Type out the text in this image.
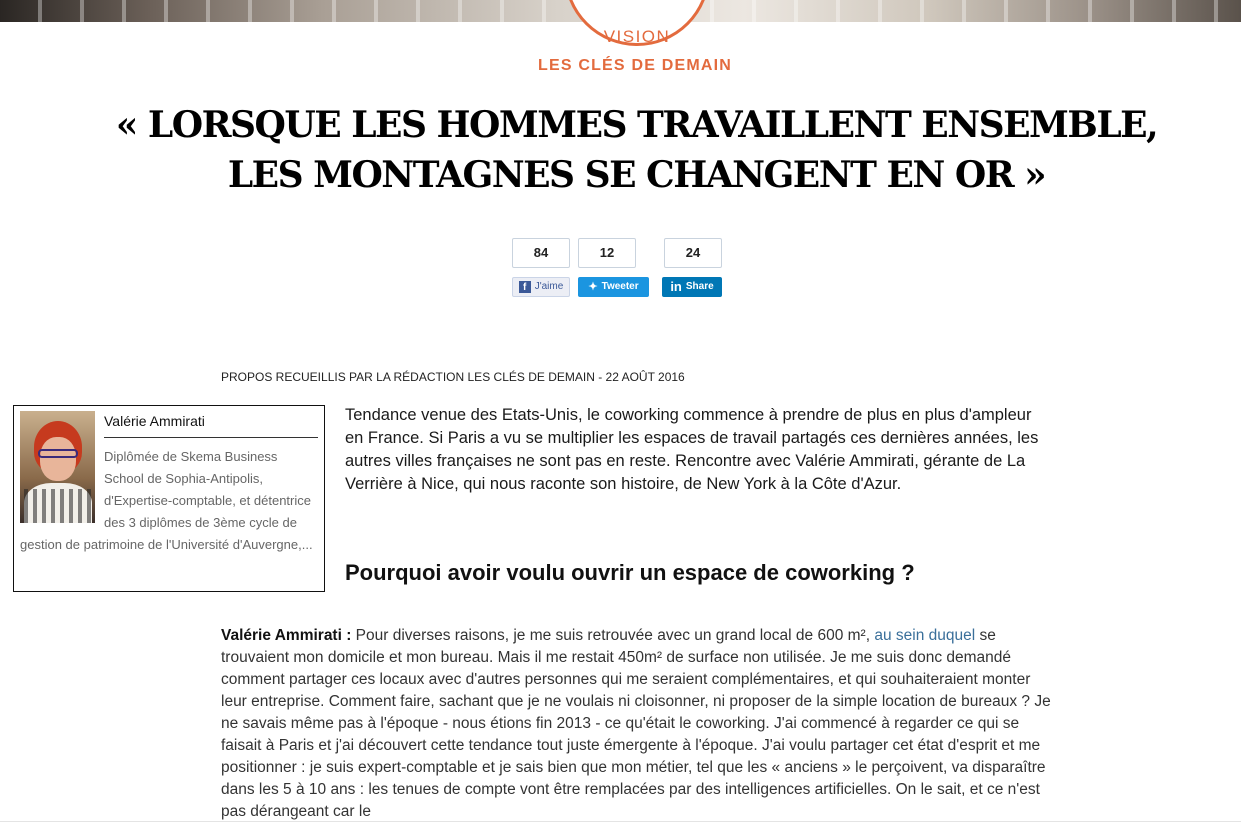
VISION
LES CLÉS DE DEMAIN
« LORSQUE LES HOMMES TRAVAILLENT ENSEMBLE, LES MONTAGNES SE CHANGENT EN OR »
84
f J'aime
12
✦ Tweeter
24
in Share
PROPOS RECUEILLIS PAR LA RÉDACTION LES CLÉS DE DEMAIN - 22 AOÛT 2016
Valérie Ammirati
Diplômée de Skema Business School de Sophia-Antipolis, d'Expertise-comptable, et détentrice des 3 diplômes de 3ème cycle de gestion de patrimoine de l'Université d'Auvergne,...

Tendance venue des Etats-Unis, le coworking commence à prendre de plus en plus d'ampleur en France. Si Paris a vu se multiplier les espaces de travail partagés ces dernières années, les autres villes françaises ne sont pas en reste. Rencontre avec Valérie Ammirati, gérante de La Verrière à Nice, qui nous raconte son histoire, de New York à la Côte d'Azur.

Pourquoi avoir voulu ouvrir un espace de coworking ?

Valérie Ammirati : Pour diverses raisons, je me suis retrouvée avec un grand local de 600 m², au sein duquel se trouvaient mon domicile et mon bureau. Mais il me restait 450m² de surface non utilisée. Je me suis donc demandé comment partager ces locaux avec d'autres personnes qui me seraient complémentaires, et qui souhaiteraient monter leur entreprise. Comment faire, sachant que je ne voulais ni cloisonner, ni proposer de la simple location de bureaux ? Je ne savais même pas à l'époque - nous étions fin 2013 - ce qu'était le coworking. J'ai commencé à regarder ce qui se faisait à Paris et j'ai découvert cette tendance tout juste émergente à l'époque. J'ai voulu partager cet état d'esprit et me positionner : je suis expert-comptable et je sais bien que mon métier, tel que les « anciens » le perçoivent, va disparaître dans les 5 à 10 ans : les tenues de compte vont être remplacées par des intelligences artificielles. On le sait, et ce n'est pas dérangeant car le
